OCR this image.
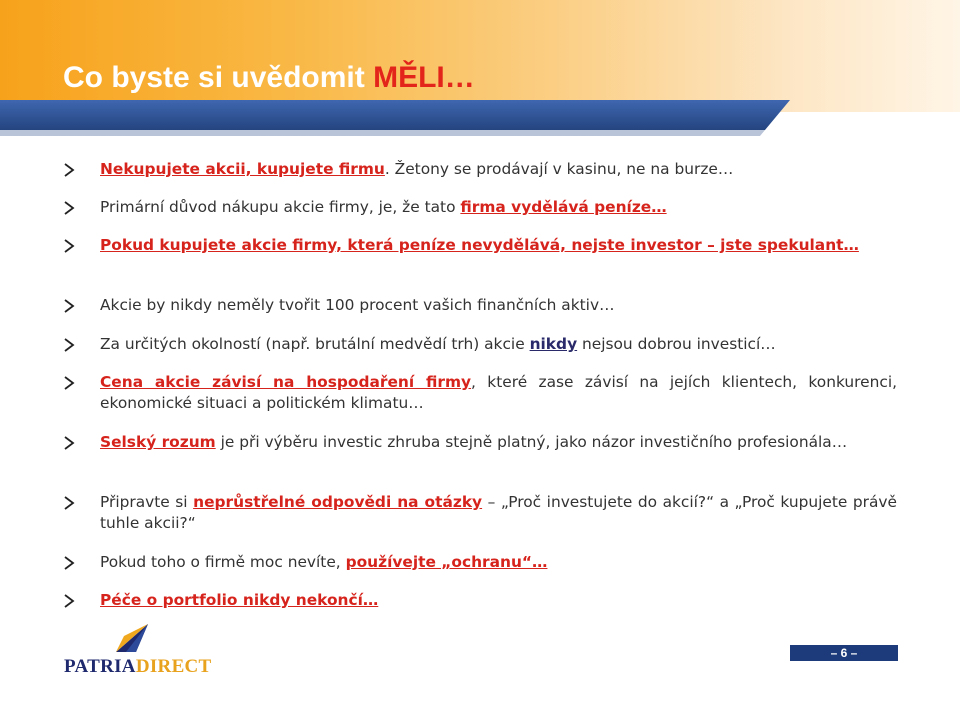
Co byste si uvědomit MĚLI…
Nekupujete akcii, kupujete firmu. Žetony se prodávají v kasinu, ne na burze…
Primární důvod nákupu akcie firmy, je, že tato firma vydělává peníze…
Pokud kupujete akcie firmy, která peníze nevydělává, nejste investor – jste spekulant…
Akcie by nikdy neměly tvořit 100 procent vašich finančních aktiv…
Za určitých okolností (např. brutální medvědí trh) akcie nikdy nejsou dobrou investicí…
Cena akcie závisí na hospodaření firmy, které zase závisí na jejích klientech, konkurenci, ekonomické situaci a politickém klimatu…
Selský rozum je při výběru investic zhruba stejně platný, jako názor investičního profesionála…
Připravte si neprůstřelné odpovědi na otázky – „Proč investujete do akcií?“ a „Proč kupujete právě tuhle akcii?“
Pokud toho o firmě moc nevíte, používejte „ochranu“…
Péče o portfolio nikdy nekončí…
PATRIADIRECT
– 6 –
